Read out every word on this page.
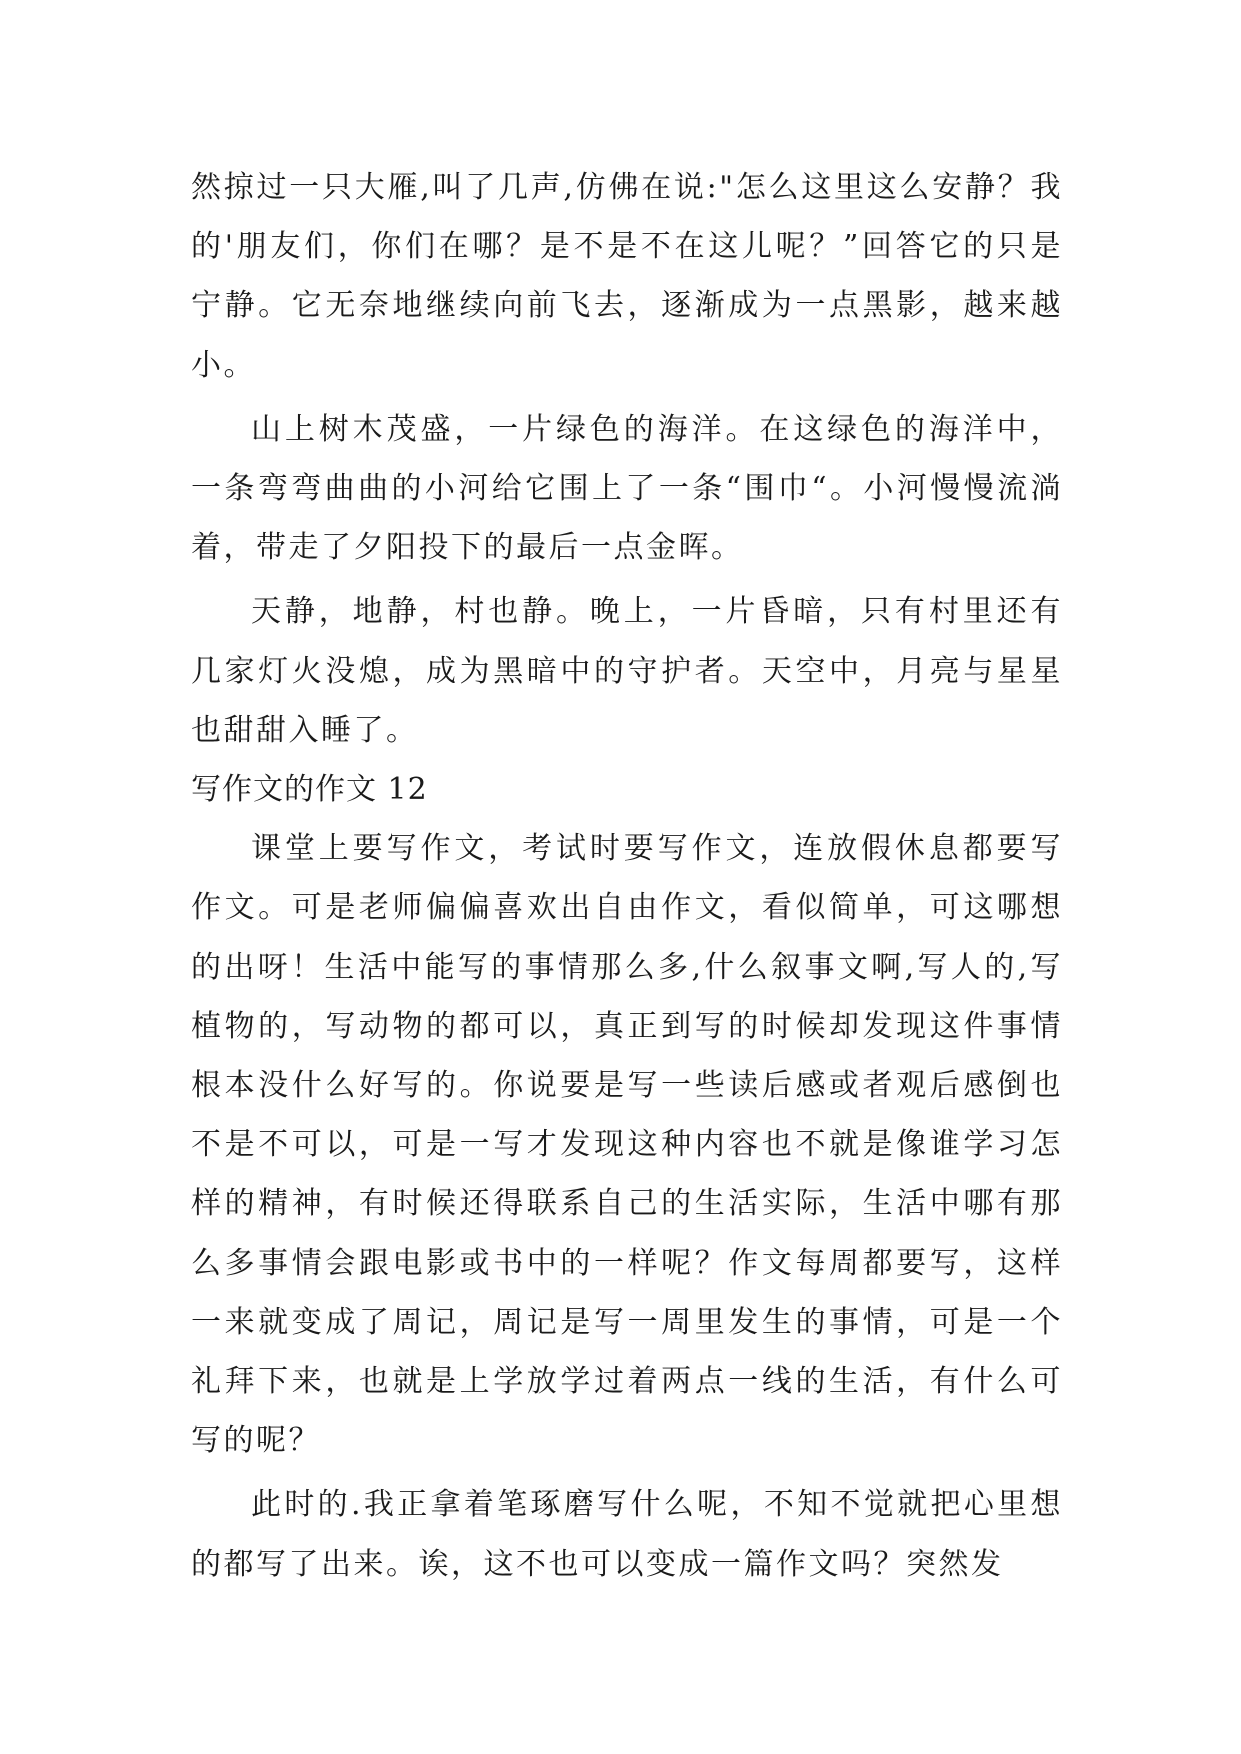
然掠过一只大雁,叫了几声,仿佛在说:"怎么这里这么安静？我的'朋友们，你们在哪？是不是不在这儿呢？”回答它的只是宁静。它无奈地继续向前飞去，逐渐成为一点黑影，越来越小。

山上树木茂盛，一片绿色的海洋。在这绿色的海洋中，一条弯弯曲曲的小河给它围上了一条“围巾“。小河慢慢流淌着，带走了夕阳投下的最后一点金晖。

天静，地静，村也静。晚上，一片昏暗，只有村里还有几家灯火没熄，成为黑暗中的守护者。天空中，月亮与星星也甜甜入睡了。

写作文的作文 12

课堂上要写作文，考试时要写作文，连放假休息都要写作文。可是老师偏偏喜欢出自由作文，看似简单，可这哪想的出呀！生活中能写的事情那么多,什么叙事文啊,写人的,写植物的，写动物的都可以，真正到写的时候却发现这件事情根本没什么好写的。你说要是写一些读后感或者观后感倒也不是不可以，可是一写才发现这种内容也不就是像谁学习怎样的精神，有时候还得联系自己的生活实际，生活中哪有那么多事情会跟电影或书中的一样呢？作文每周都要写，这样一来就变成了周记，周记是写一周里发生的事情，可是一个礼拜下来，也就是上学放学过着两点一线的生活，有什么可写的呢？

此时的.我正拿着笔琢磨写什么呢，不知不觉就把心里想的都写了出来。诶，这不也可以变成一篇作文吗？突然发
